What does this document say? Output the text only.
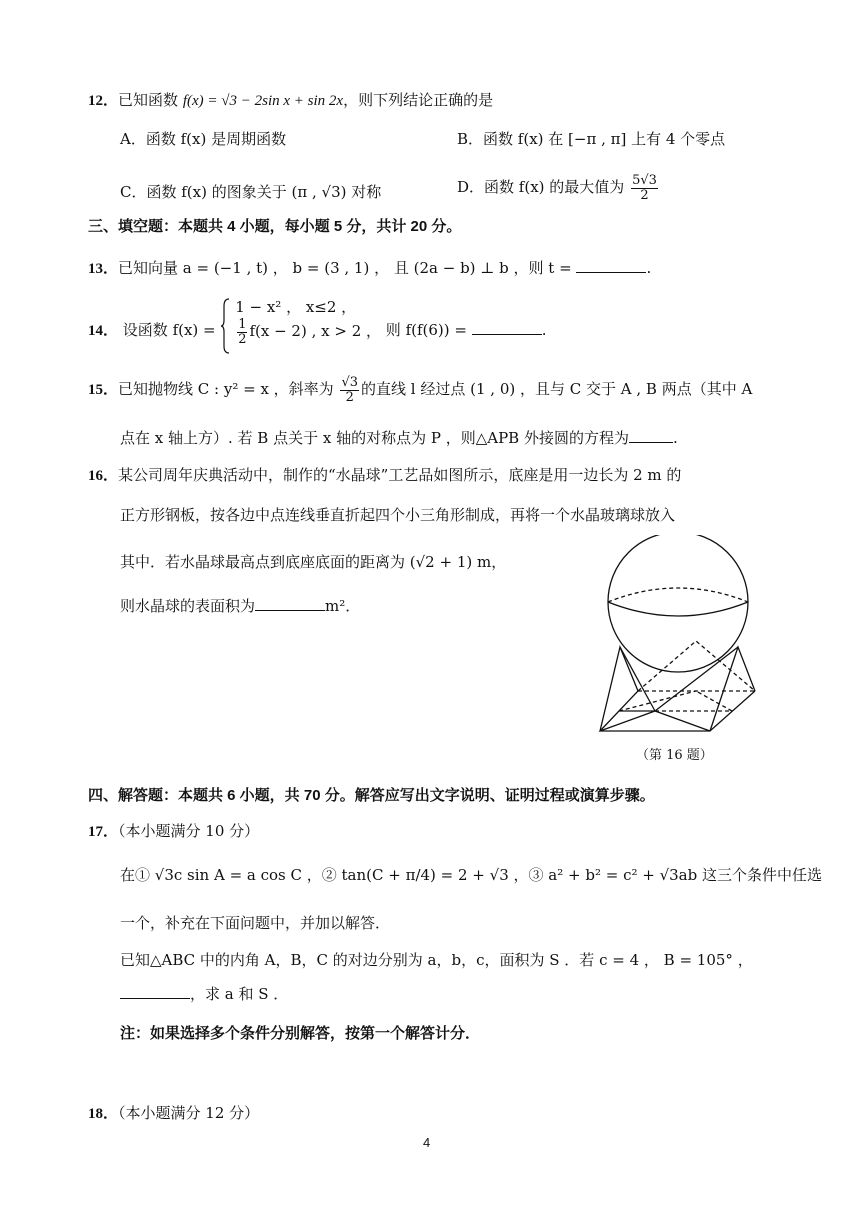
12．已知函数 f(x) = √3 − 2sin x + sin 2x，则下列结论正确的是
A．函数 f(x) 是周期函数	B．函数 f(x) 在 [−π , π] 上有 4 个零点
C．函数 f(x) 的图象关于 (π , √3) 对称	D．函数 f(x) 的最大值为 $\frac{5√3}{2}$
三、填空题：本题共 4 小题，每小题 5 分，共计 20 分。
13．已知向量 a = (−1 , t) ， b = (3 , 1) ， 且 (2a − b) ⊥ b ，则 t =	.
14． 设函数 f(x) =
1 − x² ， x≤2 ，
$\frac{1}{2} f(x - 2)$ , x > 2 ， 则 f(f(6)) =	.
15．已知抛物线 C : y² = x ，斜率为 $\frac{√3}{2}$ 的直线 l 经过点 (1 , 0) ，且与 C 交于 A , B 两点（其中 A
点在 x 轴上方）. 若 B 点关于 x 轴的对称点为 P ，则△APB 外接圆的方程为	.
16．某公司周年庆典活动中，制作的“水晶球”工艺品如图所示，底座是用一边长为 2 m 的
正方形钢板，按各边中点连线垂直折起四个小三角形制成，再将一个水晶玻璃球放入
其中．若水晶球最高点到底座底面的距离为 (√2 + 1) m，
则水晶球的表面积为	m²．
（第 16 题）
四、解答题：本题共 6 小题，共 70 分。解答应写出文字说明、证明过程或演算步骤。
17．（本小题满分 10 分）
在① √3c sin A = a cos C ，② tan(C + π/4) = 2 + √3 ，③ a² + b² = c² + √3ab 这三个条件中任选
一个，补充在下面问题中，并加以解答．
已知△ABC 中的内角 A，B，C 的对边分别为 a，b，c，面积为 S ．若 c = 4 ， B = 105° ，
，求 a 和 S ．
注：如果选择多个条件分别解答，按第一个解答计分．
18．（本小题满分 12 分）
4
